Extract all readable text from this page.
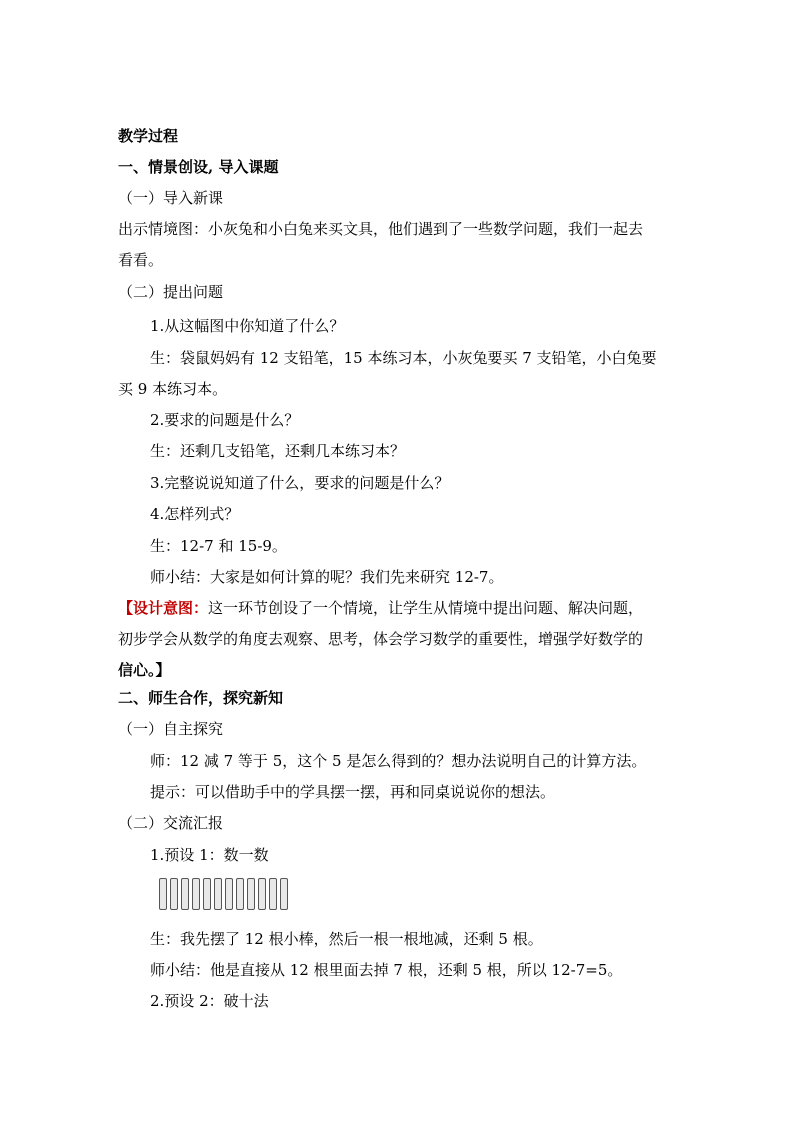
教学过程
一、情景创设, 导入课题
（一）导入新课
出示情境图：小灰兔和小白兔来买文具，他们遇到了一些数学问题，我们一起去
看看。
（二）提出问题
1.从这幅图中你知道了什么？
生：袋鼠妈妈有 12 支铅笔，15 本练习本，小灰兔要买 7 支铅笔，小白兔要
买 9 本练习本。
2.要求的问题是什么？
生：还剩几支铅笔，还剩几本练习本？
3.完整说说知道了什么，要求的问题是什么？
4.怎样列式？
生：12-7 和 15-9。
师小结：大家是如何计算的呢？我们先来研究 12-7。
【设计意图：这一环节创设了一个情境，让学生从情境中提出问题、解决问题，
初步学会从数学的角度去观察、思考，体会学习数学的重要性，增强学好数学的
信心。】
二、师生合作，探究新知
（一）自主探究
师：12 减 7 等于 5，这个 5 是怎么得到的？想办法说明自己的计算方法。
提示：可以借助手中的学具摆一摆，再和同桌说说你的想法。
（二）交流汇报
1.预设 1：数一数
生：我先摆了 12 根小棒，然后一根一根地减，还剩 5 根。
师小结：他是直接从 12 根里面去掉 7 根，还剩 5 根，所以 12-7=5。
2.预设 2：破十法
